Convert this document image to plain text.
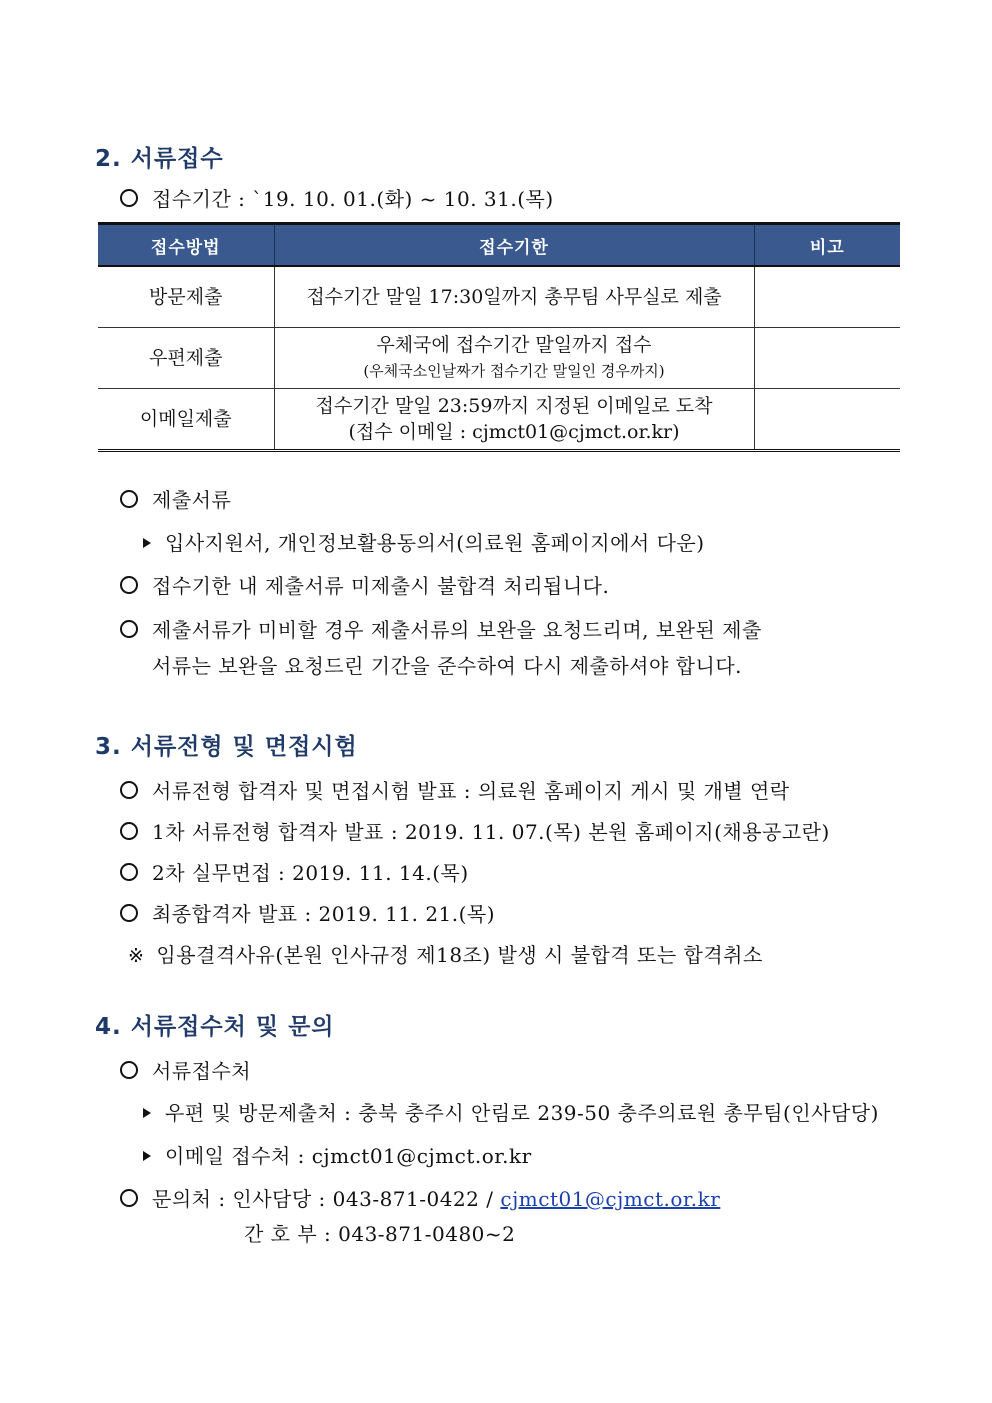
2. 서류접수
접수기간 : `19. 10. 01.(화) ~ 10. 31.(목)
접수방법	접수기한	비고
방문제출	접수기간 말일 17:30일까지 총무팀 사무실로 제출	

우편제출	우체국에 접수기간 말일까지 접수
(우체국소인날짜가 접수기간 말일인 경우까지)	

이메일제출	접수기간 말일 23:59까지 지정된 이메일로 도착
(접수 이메일 : cjmct01@cjmct.or.kr)	

제출서류
입사지원서, 개인정보활용동의서(의료원 홈페이지에서 다운)
접수기한 내 제출서류 미제출시 불합격 처리됩니다.
제출서류가 미비할 경우 제출서류의 보완을 요청드리며, 보완된 제출
서류는 보완을 요청드린 기간을 준수하여 다시 제출하셔야 합니다.
3. 서류전형 및 면접시험
서류전형 합격자 및 면접시험 발표 : 의료원 홈페이지 게시 및 개별 연락
1차 서류전형 합격자 발표 : 2019. 11. 07.(목) 본원 홈페이지(채용공고란)
2차 실무면접 : 2019. 11. 14.(목)
최종합격자 발표 : 2019. 11. 21.(목)
※ 임용결격사유(본원 인사규정 제18조) 발생 시 불합격 또는 합격취소
4. 서류접수처 및 문의
서류접수처
우편 및 방문제출처 : 충북 충주시 안림로 239-50 충주의료원 총무팀(인사담당)
이메일 접수처 : cjmct01@cjmct.or.kr
문의처 : 인사담당 : 043-871-0422 / cjmct01@cjmct.or.kr
간 호 부 : 043-871-0480~2
